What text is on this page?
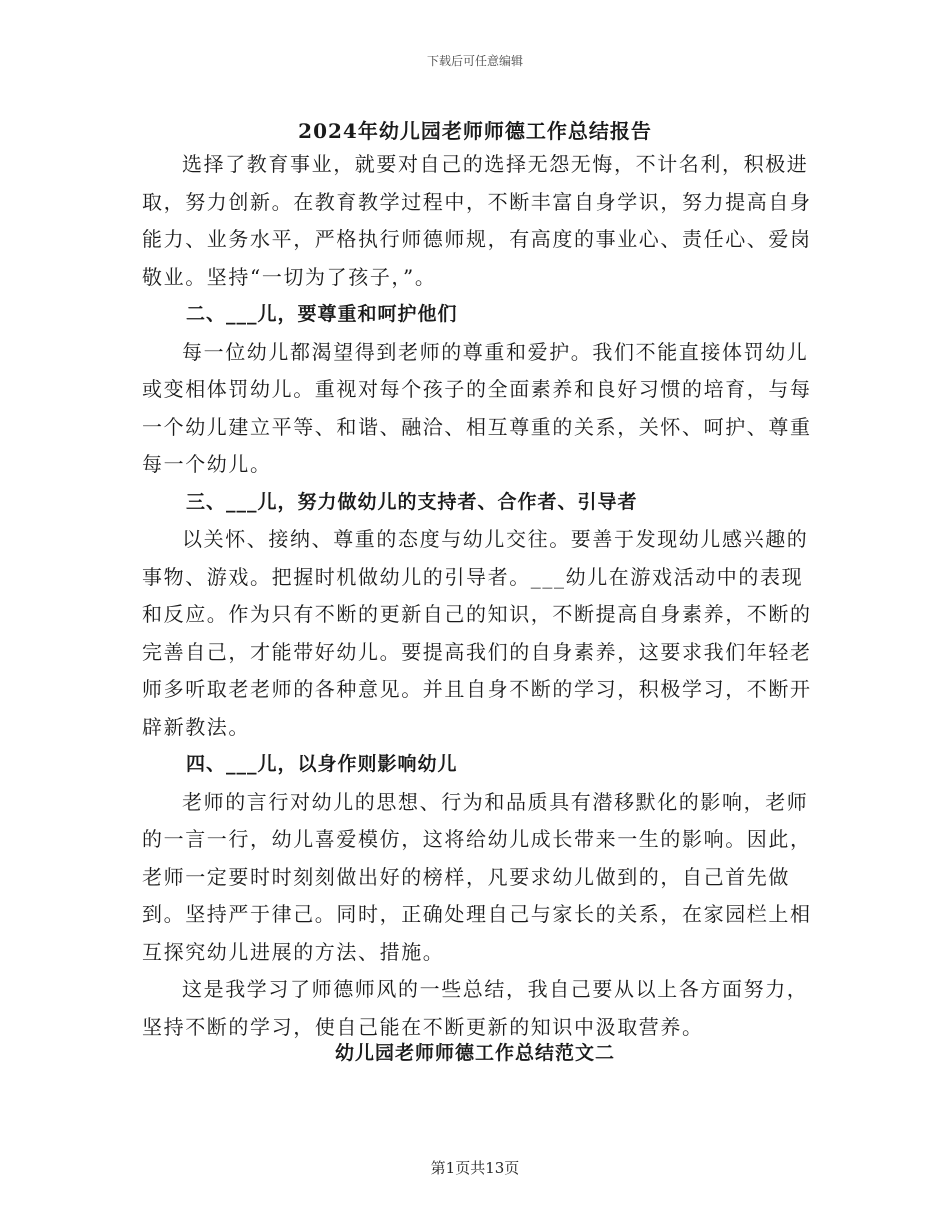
下载后可任意编辑
2024年幼儿园老师师德工作总结报告

选择了教育事业，就要对自己的选择无怨无悔，不计名利，积极进取，努力创新。在教育教学过程中，不断丰富自身学识，努力提高自身能力、业务水平，严格执行师德师规，有高度的事业心、责任心、爱岗敬业。坚持“一切为了孩子，”。

二、___儿，要尊重和呵护他们

每一位幼儿都渴望得到老师的尊重和爱护。我们不能直接体罚幼儿或变相体罚幼儿。重视对每个孩子的全面素养和良好习惯的培育，与每一个幼儿建立平等、和谐、融洽、相互尊重的关系，关怀、呵护、尊重每一个幼儿。

三、___儿，努力做幼儿的支持者、合作者、引导者

以关怀、接纳、尊重的态度与幼儿交往。要善于发现幼儿感兴趣的事物、游戏。把握时机做幼儿的引导者。___幼儿在游戏活动中的表现和反应。作为只有不断的更新自己的知识，不断提高自身素养，不断的完善自己，才能带好幼儿。要提高我们的自身素养，这要求我们年轻老师多听取老老师的各种意见。并且自身不断的学习，积极学习，不断开辟新教法。

四、___儿，以身作则影响幼儿

老师的言行对幼儿的思想、行为和品质具有潜移默化的影响，老师的一言一行，幼儿喜爱模仿，这将给幼儿成长带来一生的影响。因此，老师一定要时时刻刻做出好的榜样，凡要求幼儿做到的，自己首先做到。坚持严于律己。同时，正确处理自己与家长的关系，在家园栏上相互探究幼儿进展的方法、措施。

这是我学习了师德师风的一些总结，我自己要从以上各方面努力，坚持不断的学习，使自己能在不断更新的知识中汲取营养。

幼儿园老师师德工作总结范文二
第1页共13页
